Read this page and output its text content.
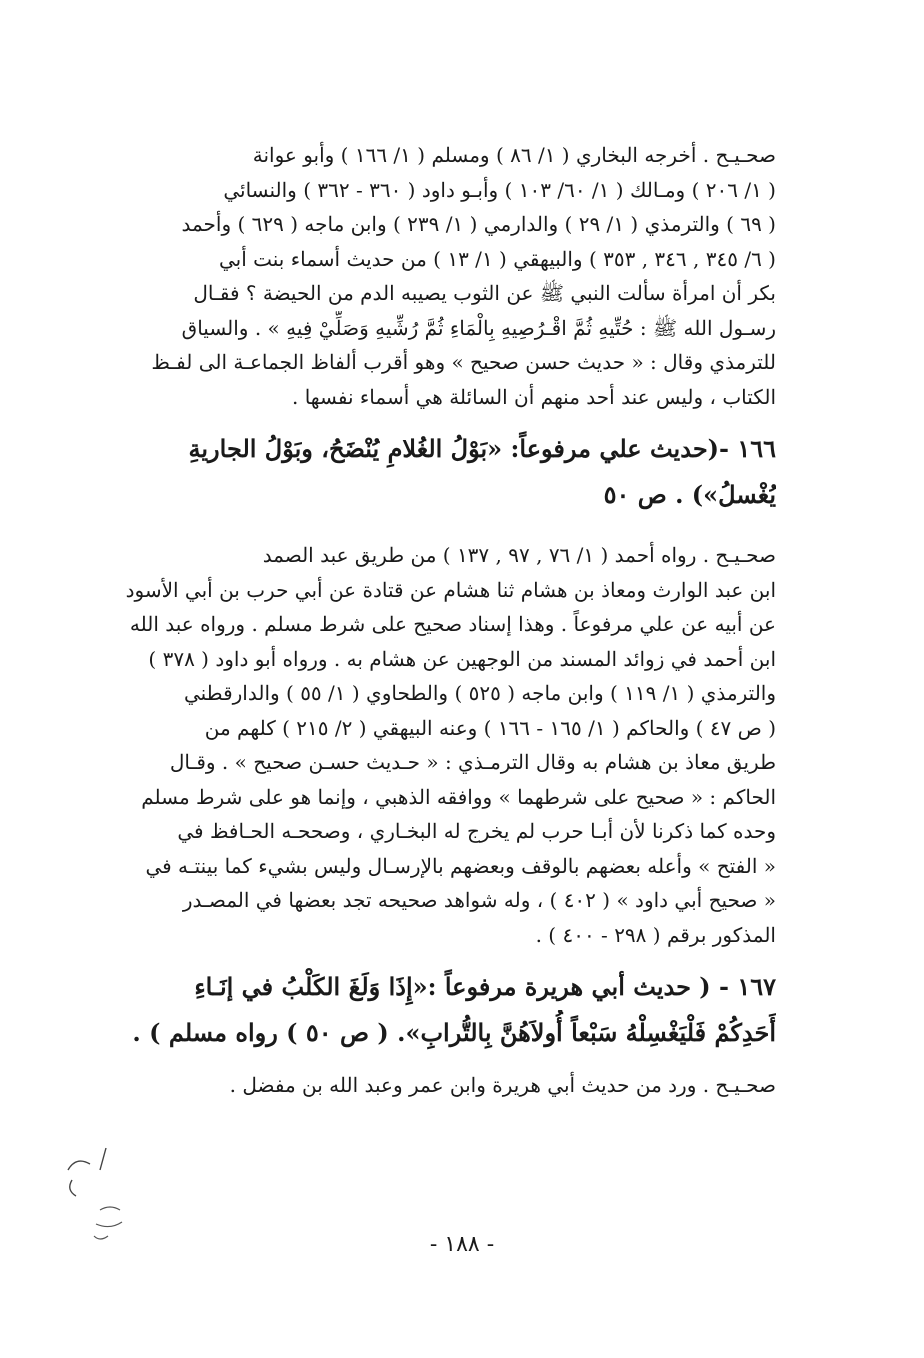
صحـيـح . أخرجه البخاري ( ١/ ٨٦ ) ومسلم ( ١/ ١٦٦ ) وأبو عوانة
( ١/ ٢٠٦ ) ومـالك ( ١/ ٦٠/ ١٠٣ ) وأبـو داود ( ٣٦٠ - ٣٦٢ ) والنسائي
( ٦٩ ) والترمذي ( ١/ ٢٩ ) والدارمي ( ١/ ٢٣٩ ) وابن ماجه ( ٦٢٩ ) وأحمد
( ٦/ ٣٤٥ , ٣٤٦ , ٣٥٣ ) والبيهقي ( ١/ ١٣ ) من حديث أسماء بنت أبي
بكر أن امرأة سألت النبي ﷺ عن الثوب يصيبه الدم من الحيضة ؟ فقـال
رسـول الله ﷺ : حُتِّيهِ ثُمَّ اقْـرُصِيهِ بِالْمَاءِ ثُمَّ رُشِّيهِ وَصَلِّيْ فِيهِ » . والسياق
للترمذي وقال : « حديث حسن صحيح » وهو أقرب ألفاظ الجماعـة الى لفـظ
الكتاب ، وليس عند أحد منهم أن السائلة هي أسماء نفسها .
١٦٦ -(حديث علي مرفوعاً: «بَوْلُ الغُلامِ يُنْضَحُ، وبَوْلُ الجاريةِ
يُغْسلُ») . ص ٥٠
صحـيـح . رواه أحمد ( ١/ ٧٦ , ٩٧ , ١٣٧ ) من طريق عبد الصمد
ابن عبد الوارث ومعاذ بن هشام ثنا هشام عن قتادة عن أبي حرب بن أبي الأسود
عن أبيه عن علي مرفوعاً . وهذا إسناد صحيح على شرط مسلم . ورواه عبد الله
ابن أحمد في زوائد المسند من الوجهين عن هشام به . ورواه أبو داود ( ٣٧٨ )
والترمذي ( ١/ ١١٩ ) وابن ماجه ( ٥٢٥ ) والطحاوي ( ١/ ٥٥ ) والدارقطني
( ص ٤٧ ) والحاكم ( ١/ ١٦٥ - ١٦٦ ) وعنه البيهقي ( ٢/ ٢١٥ ) كلهم من
طريق معاذ بن هشام به وقال الترمـذي : « حـديث حسـن صحيح » . وقـال
الحاكم : « صحيح على شرطهما » ووافقه الذهبي ، وإنما هو على شرط مسلم
وحده كما ذكرنا لأن أبـا حرب لم يخرج له البخـاري ، وصححـه الحـافظ في
« الفتح » وأعله بعضهم بالوقف وبعضهم بالإرسـال وليس بشيء كما بينتـه في
« صحيح أبي داود » ( ٤٠٢ ) ، وله شواهد صحيحه تجد بعضها في المصـدر
المذكور برقم ( ٢٩٨ - ٤٠٠ ) .
١٦٧ - ( حديث أبي هريرة مرفوعاً :«إِذَا وَلَغَ الكَلْبُ في إنَـاءِ
أَحَدِكُمْ فَلْيَغْسِلْهُ سَبْعاً أُولاَهُنَّ بِالتُّرابِ». ( ص ٥٠ ) رواه مسلم ) .
صحـيـح . ورد من حديث أبي هريرة وابن عمر وعبد الله بن مفضل .
- ١٨٨ -
